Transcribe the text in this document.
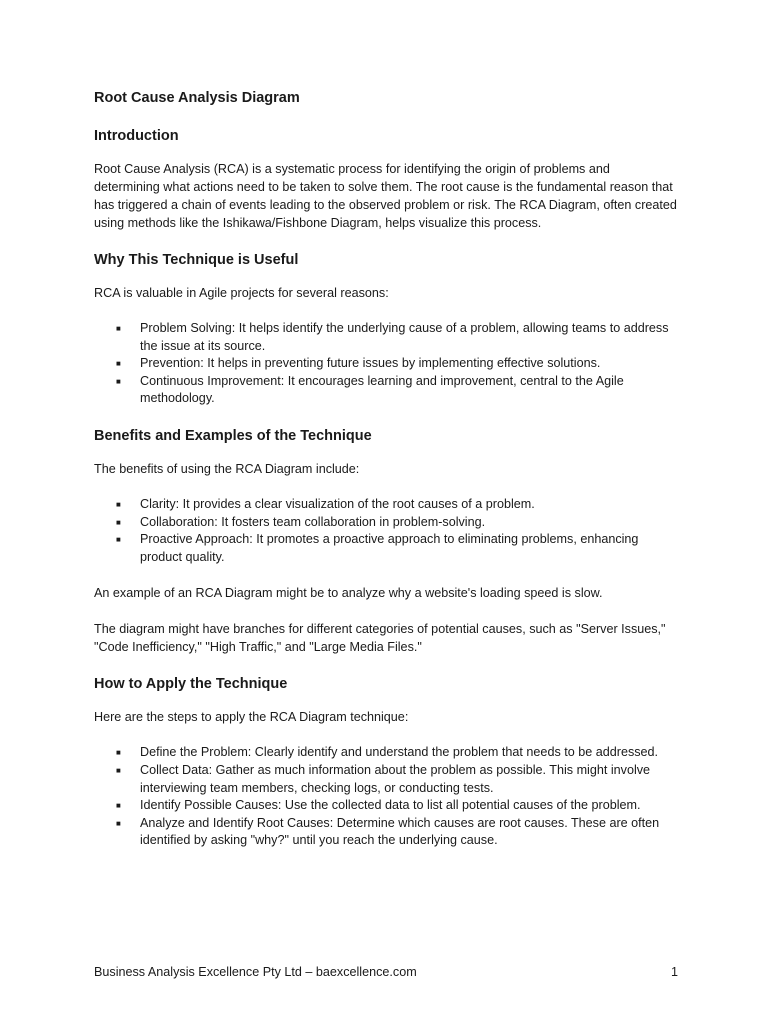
Root Cause Analysis Diagram
Introduction

Root Cause Analysis (RCA) is a systematic process for identifying the origin of problems and determining what actions need to be taken to solve them. The root cause is the fundamental reason that has triggered a chain of events leading to the observed problem or risk. The RCA Diagram, often created using methods like the Ishikawa/Fishbone Diagram, helps visualize this process.

Why This Technique is Useful

RCA is valuable in Agile projects for several reasons:

■ Problem Solving: It helps identify the underlying cause of a problem, allowing teams to address the issue at its source.
■ Prevention: It helps in preventing future issues by implementing effective solutions.
■ Continuous Improvement: It encourages learning and improvement, central to the Agile methodology.
Benefits and Examples of the Technique

The benefits of using the RCA Diagram include:

■ Clarity: It provides a clear visualization of the root causes of a problem.
■ Collaboration: It fosters team collaboration in problem-solving.
■ Proactive Approach: It promotes a proactive approach to eliminating problems, enhancing product quality.

An example of an RCA Diagram might be to analyze why a website's loading speed is slow.

The diagram might have branches for different categories of potential causes, such as "Server Issues," "Code Inefficiency," "High Traffic," and "Large Media Files."

How to Apply the Technique

Here are the steps to apply the RCA Diagram technique:

■ Define the Problem: Clearly identify and understand the problem that needs to be addressed.
■ Collect Data: Gather as much information about the problem as possible. This might involve interviewing team members, checking logs, or conducting tests.
■ Identify Possible Causes: Use the collected data to list all potential causes of the problem.
■ Analyze and Identify Root Causes: Determine which causes are root causes. These are often identified by asking "why?" until you reach the underlying cause.
Business Analysis Excellence Pty Ltd – baexcellence.com	1
